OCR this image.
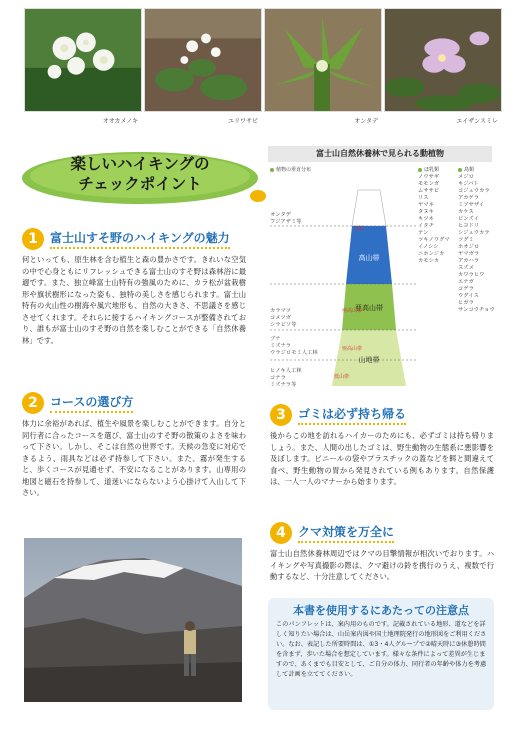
オオカメノキ	ユリワサビ	オンタデ	エイザンスミレ
楽しいハイキングの
チェックポイント
1	富士山すそ野のハイキングの魅力
何といっても、原生林を含む植生と森の豊かさです。きれいな空気の中で心身ともにリフレッシュできる富士山のすそ野は森林浴に最適です。また、独立峰富士山特有の強風のために、カラ松が盆栽樹形や旗状樹形になった姿も、独特の美しさを感じられます。富士山特有の火山性の樹海や風穴地形も、自然の大きさ、不思議さを感じさせてくれます。それらに接するハイキングコースが整備されており、誰もが富士山のすそ野の自然を楽しむことができる「自然休養林」です。
2	コースの選び方
体力に余裕があれば、植生や風景を楽しむことができます。自分と同行者に合ったコースを選び、富士山のすそ野の散策のよさを味わって下さい。しかし、そこは自然の世界です。天候の急変に対応できるよう、雨具などは必ず持参して下さい。また、霧が発生すると、歩くコースが見通せず、不安になることがあります。山専用の地図と磁石を持参して、道迷いにならないよう心掛けて入山して下さい。
富士山自然休養林で見られる動植物
植物の垂直分布	ほ乳類	鳥類
高山帯
亜高山帯
山地帯
荒原
亜高山帯
亜高山帯
低山帯
オンタデ
フジアザミ等
カラマツ
コメツガ
シラビソ等
ブナ
ミズナラ
ウラジロモミ人工林
ヒノキ人工林
コナラ
ミズナラ等
ノウサギ
モモンガ
ムササビ
リス
ヤマネ
タヌキ
キツネ
イタチ
テン
ツキノワグマ
イノシシ
ニホンジカ
カモシカ
メジロ
キジバト
コジュウカラ
アカゲラ
ミソサザイ
カケス
ビンズイ
ヒヨドリ
シジュウカラ
ツグミ
ホオジロ
ヤマガラ
アカハラ
スズメ
カワラヒワ
エナガ
コゲラ
ウグイス
ヒガラ
サンコウチョウ
3	ゴミは必ず持ち帰る
後からこの地を訪れるハイカーのためにも、必ずゴミは持ち帰りましょう。また、人間の出したゴミは、野生動物の生態系に悪影響を及ぼします。ビニールの袋やプラスチックの蓋などを餌と間違えて食べ、野生動物の胃から発見されている例もあります。自然保護は、一人一人のマナーから始まります。
4	クマ対策を万全に
富士山自然休養林周辺ではクマの目撃情報が相次いでおります。ハイキングや写真撮影の際は、クマ避けの鈴を携行のうえ、複数で行動するなど、十分注意してください。
本書を使用するにあたっての注意点
このパンフレットは、案内用のものです。記載されている地形、道などを詳しく知りたい場合は、山岳案内図や国土地理院発行の地形図をご利用ください。なお、表記した所要時間は、①3・4人グループで②晴天時に③休憩時間を含まず、歩いた場合を想定しています。様々な条件によって差異が生じますので、あくまでも目安として、ご自分の体力、同行者の年齢や体力を考慮して計画を立ててください。
